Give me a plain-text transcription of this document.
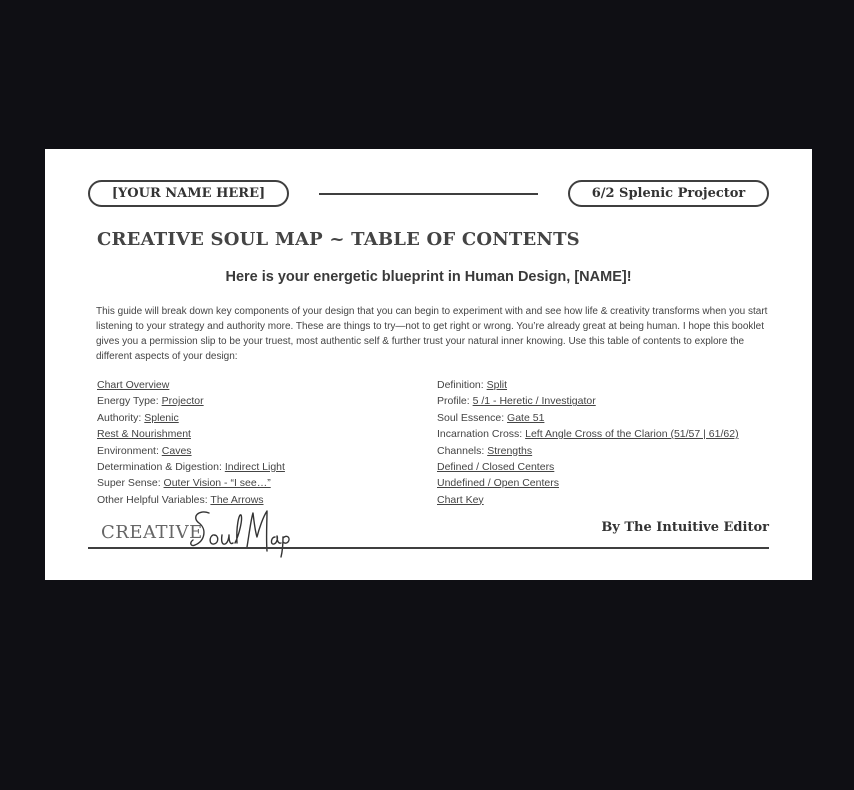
[YOUR NAME HERE]	6/2 Splenic Projector
CREATIVE SOUL MAP ~ TABLE OF CONTENTS
Here is your energetic blueprint in Human Design, [NAME]!
This guide will break down key components of your design that you can begin to experiment with and see how life & creativity transforms when you start listening to your strategy and authority more. These are things to try—not to get right or wrong. You’re already great at being human. I hope this booklet gives you a permission slip to be your truest, most authentic self & further trust your natural inner knowing. Use this table of contents to explore the different aspects of your design:
Chart Overview
Energy Type: Projector
Authority: Splenic
Rest & Nourishment
Environment: Caves
Determination & Digestion: Indirect Light
Super Sense: Outer Vision - “I see…”
Other Helpful Variables: The Arrows
Definition: Split
Profile: 5 /1 - Heretic / Investigator
Soul Essence: Gate 51
Incarnation Cross: Left Angle Cross of the Clarion (51/57 | 61/62)
Channels: Strengths
Defined / Closed Centers
Undefined / Open Centers
Chart Key
CREATIVE	By The Intuitive Editor
